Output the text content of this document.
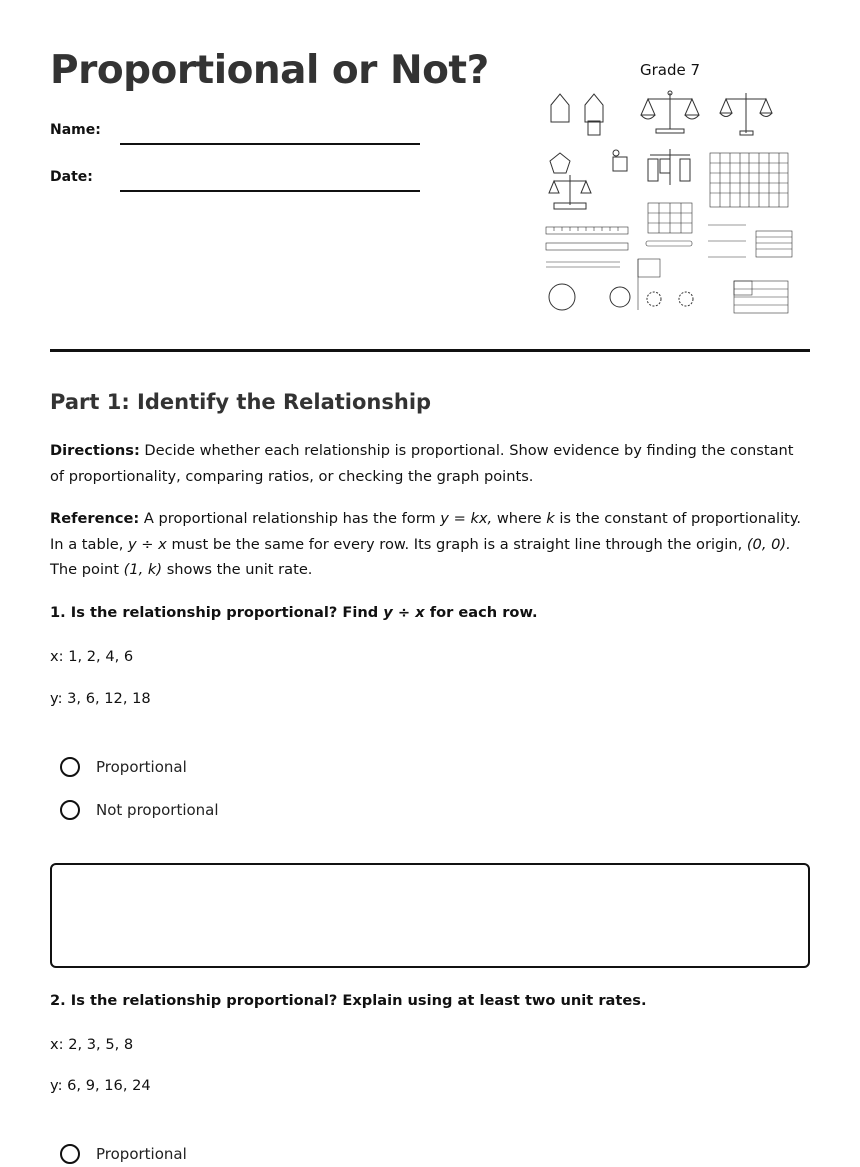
Proportional or Not?
Name:
Date:
Grade 7
Part 1: Identify the Relationship

Directions: Decide whether each relationship is proportional. Show evidence by finding the constant of proportionality, comparing ratios, or checking the graph points.

Reference: A proportional relationship has the form y = kx, where k is the constant of proportionality. In a table, y ÷ x must be the same for every row. Its graph is a straight line through the origin, (0, 0). The point (1, k) shows the unit rate.

1. Is the relationship proportional? Find y ÷ x for each row.

x: 1, 2, 4, 6
y: 3, 6, 12, 18
Proportional
Not proportional

2. Is the relationship proportional? Explain using at least two unit rates.

x: 2, 3, 5, 8
y: 6, 9, 16, 24
Proportional
